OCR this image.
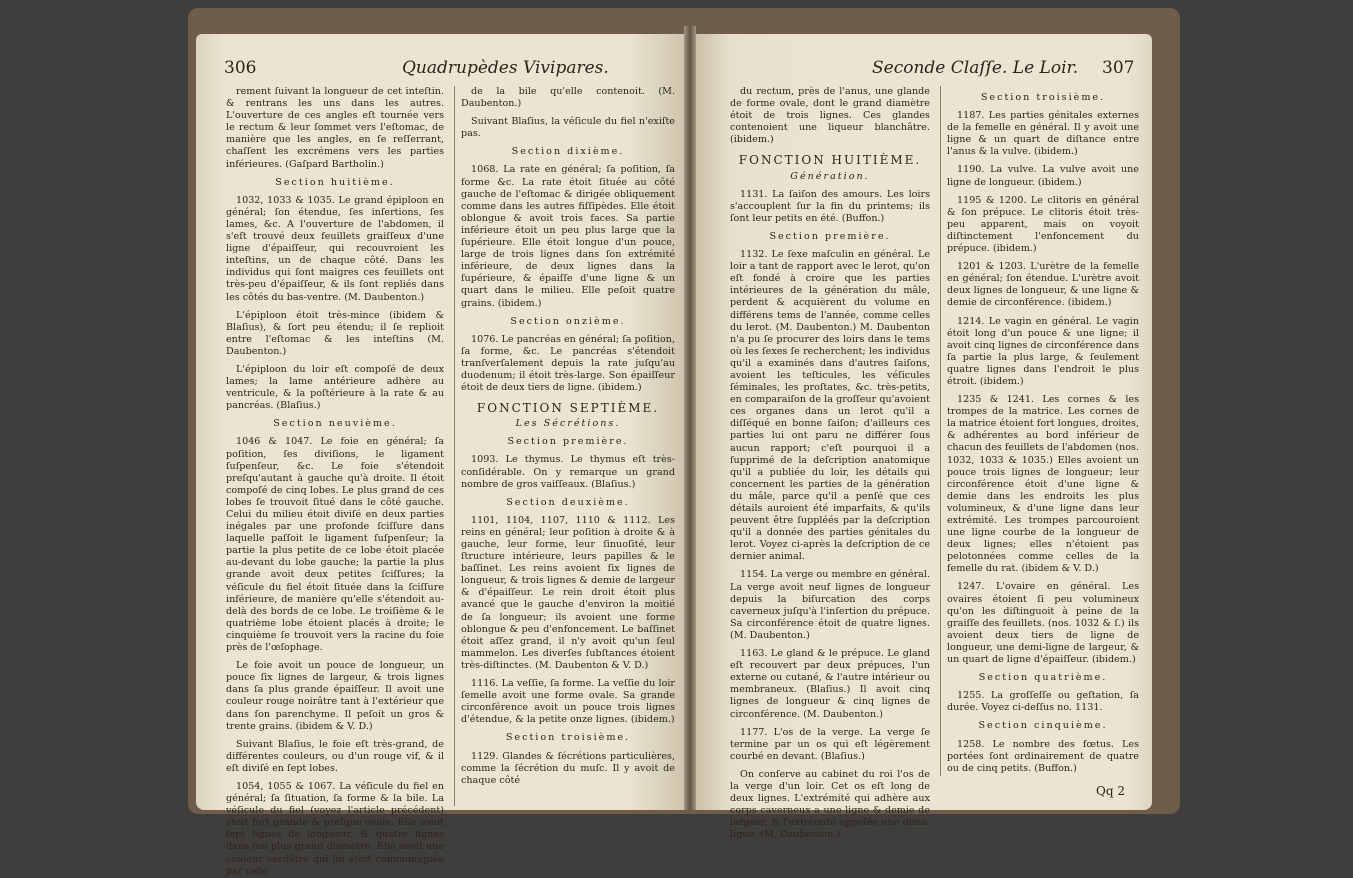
306	Quadrupèdes Vivipares.	Seconde Claſſe. Le Loir. 307

rement ſuivant la longueur de cet inteſtin. & rentrans les uns dans les autres. L'ouverture de ces angles eſt tournée vers le rectum & leur ſommet vers l'eſtomac, de manière que les angles, en ſe reſſerrant, chaſſent les excrémens vers les parties inférieures. (Gaſpard Bartholin.)

Section huitième.

1032, 1033 & 1035. Le grand épiploon en général; ſon étendue, ſes inſertions, ſes lames, &c. A l'ouverture de l'abdomen, il s'eſt trouvé deux feuillets graiſſeux d'une ligne d'épaiſſeur, qui recouvroient les inteſtins, un de chaque côté. Dans les individus qui ſont maigres ces feuillets ont très-peu d'épaiſſeur, & ils ſont repliés dans les côtés du bas-ventre. (M. Daubenton.)

L'épiploon étoit très-mince (ibidem & Blaſius), & ſort peu étendu; il ſe replioit entre l'eſtomac & les inteſtins (M. Daubenton.)

L'épiploon du loir eſt compoſé de deux lames; la lame antérieure adhère au ventricule, & la poſtérieure à la rate & au pancréas. (Blaſius.)

Section neuvième.

1046 & 1047. Le foie en général; ſa poſition, ſes diviſions, le ligament ſuſpenſeur, &c. Le foie s'étendoit preſqu'autant à gauche qu'à droite. Il étoit compoſé de cinq lobes. Le plus grand de ces lobes ſe trouvoit ſitué dans le côté gauche. Celui du milieu étoit diviſé en deux parties inégales par une profonde ſciſſure dans laquelle paſſoit le ligament ſuſpenſeur; la partie la plus petite de ce lobe étoit placée au-devant du lobe gauche; la partie la plus grande avoit deux petites ſciſſures; la véſicule du fiel étoit ſituée dans la ſciſſure inférieure, de manière qu'elle s'étendoit au-delà des bords de ce lobe. Le troiſième & le quatrième lobe étoient placés à droite; le cinquième ſe trouvoit vers la racine du foie près de l'œſophage.

Le foie avoit un pouce de longueur, un pouce ſix lignes de largeur, & trois lignes dans ſa plus grande épaiſſeur. Il avoit une couleur rouge noirâtre tant à l'extérieur que dans ſon parenchyme. Il peſoit un gros & trente grains. (ibidem & V. D.)

Suivant Blaſius, le foie eſt très-grand, de différentes couleurs, ou d'un rouge vif, & il eſt diviſé en ſept lobes.

1054, 1055 & 1067. La véſicule du fiel en général; ſa ſituation, ſa forme & la bile. La véſicule du fiel (voyez l'article précédent) étoit fort grande & preſque ovale. Elle avoit ſept lignes de longueur, & quatre lignes dans ſon plus grand diamètre. Elle avoit une couleur verdâtre qui lui étoit communiquée par celle

de la bile qu'elle contenoit. (M. Daubenton.)

Suivant Blaſius, la véſicule du fiel n'exiſte pas.

Section dixième.

1068. La rate en général; ſa poſition, ſa forme &c. La rate étoit ſituée au côté gauche de l'eſtomac & dirigée obliquement comme dans les autres fiſſipèdes. Elle étoit oblongue & avoit trois faces. Sa partie inférieure étoit un peu plus large que la ſupérieure. Elle étoit longue d'un pouce, large de trois lignes dans ſon extrémité inférieure, de deux lignes dans la ſupérieure, & épaiſſe d'une ligne & un quart dans le milieu. Elle peſoit quatre grains. (ibidem.)

Section onzième.

1076. Le pancréas en général; ſa poſition, ſa forme, &c. Le pancréas s'étendoit tranſverſalement depuis la rate juſqu'au duodenum; il étoit très-large. Son épaiſſeur étoit de deux tiers de ligne. (ibidem.)

FONCTION SEPTIÈME.
Les Sécrétions.
Section première.

1093. Le thymus. Le thymus eſt très-conſidérable. On y remarque un grand nombre de gros vaiſſeaux. (Blaſius.)

Section deuxième.

1101, 1104, 1107, 1110 & 1112. Les reins en général; leur poſition à droite & à gauche, leur forme, leur ſinuoſité, leur ſtructure intérieure, leurs papilles & le baſſinet. Les reins avoient ſix lignes de longueur, & trois lignes & demie de largeur & d'épaiſſeur. Le rein droit étoit plus avancé que le gauche d'environ la moitié de ſa longueur; ils avoient une forme oblongue & peu d'enfoncement. Le baſſinet étoit aſſez grand, il n'y avoit qu'un ſeul mammelon. Les diverſes ſubſtances étoient très-diſtinctes. (M. Daubenton & V. D.)

1116. La veſſie, ſa forme. La veſſie du loir ſemelle avoit une forme ovale. Sa grande circonférence avoit un pouce trois lignes d'étendue, & la petite onze lignes. (ibidem.)

Section troisième.

1129. Glandes & ſécrétions particulières, comme la ſécrétion du muſc. Il y avoit de chaque côté

du rectum, près de l'anus, une glande de forme ovale, dont le grand diamètre étoit de trois lignes. Ces glandes contenoient une liqueur blanchâtre. (ibidem.)

FONCTION HUITIÈME.
Génération.

1131. La ſaiſon des amours. Les loirs s'accouplent ſur la fin du printems; ils ſont leur petits en été. (Buffon.)

Section première.

1132. Le ſexe maſculin en général. Le loir a tant de rapport avec le lerot, qu'on eſt fondé à croire que les parties intérieures de la génération du mâle, perdent & acquièrent du volume en différens tems de l'année, comme celles du lerot. (M. Daubenton.) M. Daubenton n'a pu ſe procurer des loirs dans le tems où les ſexes ſe recherchent; les individus qu'il a examinés dans d'autres ſaiſons, avoient les teſticules, les véſicules ſéminales, les proſtates, &c. très-petits, en comparaiſon de la groſſeur qu'avoient ces organes dans un lerot qu'il a diſſéqué en bonne ſaiſon; d'ailleurs ces parties lui ont paru ne différer ſous aucun rapport; c'eſt pourquoi il a ſupprimé de la deſcription anatomique qu'il a publiée du loir, les détails qui concernent les parties de la génération du mâle, parce qu'il a penſé que ces détails auroient été imparfaits, & qu'ils peuvent être ſuppléés par la deſcription qu'il a donnée des parties génitales du lerot. Voyez ci-après la deſcription de ce dernier animal.

1154. La verge ou membre en général. La verge avoit neuf lignes de longueur depuis la biſurcation des corps caverneux juſqu'à l'inſertion du prépuce. Sa circonférence étoit de quatre lignes. (M. Daubenton.)

1163. Le gland & le prépuce. Le gland eſt recouvert par deux prépuces, l'un externe ou cutané, & l'autre intérieur ou membraneux. (Blaſius.) Il avoit cinq lignes de longueur & cinq lignes de circonférence. (M. Daubenton.)

1177. L'os de la verge. La verge ſe termine par un os qui eſt légèrement courbé en devant. (Blaſius.)

On conſerve au cabinet du roi l'os de la verge d'un loir. Cet os eſt long de deux lignes. L'extrémité qui adhère aux corps caverneux a une ligne & demie de largeur, & l'extrémité oppoſée une demi-ligne. (M. Daubenton.)

Section troisième.

1187. Les parties génitales externes de la femelle en général. Il y avoit une ligne & un quart de diſtance entre l'anus & la vulve. (ibidem.)

1190. La vulve. La vulve avoit une ligne de longueur. (ibidem.)

1195 & 1200. Le clitoris en général & ſon prépuce. Le clitoris étoit très-peu apparent, mais on voyoit diſtinctement l'enfoncement du prépuce. (ibidem.)

1201 & 1203. L'urètre de la femelle en général; ſon étendue. L'urètre avoit deux lignes de longueur, & une ligne & demie de circonférence. (ibidem.)

1214. Le vagin en général. Le vagin étoit long d'un pouce & une ligne; il avoit cinq lignes de circonférence dans ſa partie la plus large, & ſeulement quatre lignes dans l'endroit le plus étroit. (ibidem.)

1235 & 1241. Les cornes & les trompes de la matrice. Les cornes de la matrice étoient fort longues, droites, & adhérentes au bord inférieur de chacun des feuillets de l'abdomen (nos. 1032, 1033 & 1035.) Elles avoient un pouce trois lignes de longueur; leur circonférence étoit d'une ligne & demie dans les endroits les plus volumineux, & d'une ligne dans leur extrémité. Les trompes parcouroient une ligne courbe de la longueur de deux lignes; elles n'étoient pas pelotonnées comme celles de la femelle du rat. (ibidem & V. D.)

1247. L'ovaire en général. Les ovaires étoient ſi peu volumineux qu'on les diſtinguoit à peine de la graiſſe des feuillets. (nos. 1032 & ſ.) ils avoient deux tiers de ligne de longueur, une demi-ligne de largeur, & un quart de ligne d'épaiſſeur. (ibidem.)

Section quatrième.

1255. La groſſeſſe ou geſtation, ſa durée. Voyez ci-deſſus no. 1131.

Section cinquième.

1258. Le nombre des fœtus. Les portées ſont ordinairement de quatre ou de cinq petits. (Buffon.)

Qq 2
